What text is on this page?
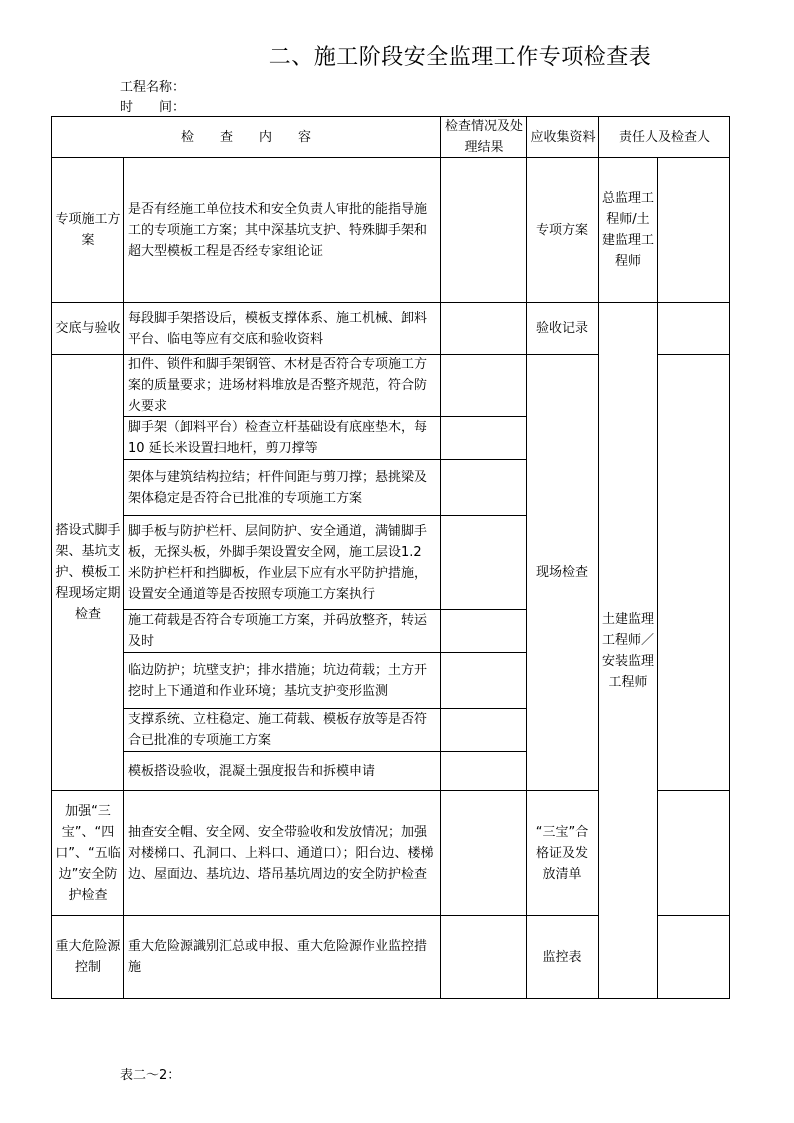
二、施工阶段安全监理工作专项检查表
工程名称：
时　　间：
检　　查　　内　　容
检查情况及处理结果
应收集资料	责任人及检查人
专项施工方案
是否有经施工单位技术和安全负责人审批的能指导施工的专项施工方案；其中深基坑支护、特殊脚手架和超大型模板工程是否经专家组论证
专项方案
总监理工程师/土建监理工程师
交底与验收
每段脚手架搭设后，模板支撑体系、施工机械、卸料平台、临电等应有交底和验收资料
验收记录
搭设式脚手架、基坑支护、模板工程现场定期检查
扣件、锁件和脚手架钢管、木材是否符合专项施工方案的质量要求；进场材料堆放是否整齐规范，符合防火要求
脚手架（卸料平台）检查立杆基础设有底座垫木，每 10 延长米设置扫地杆，剪刀撑等
架体与建筑结构拉结；杆件间距与剪刀撑；悬挑梁及架体稳定是否符合已批准的专项施工方案
脚手板与防护栏杆、层间防护、安全通道，满铺脚手板，无探头板，外脚手架设置安全网，施工层设1.2 米防护栏杆和挡脚板，作业层下应有水平防护措施，设置安全通道等是否按照专项施工方案执行
施工荷载是否符合专项施工方案，并码放整齐，转运及时
临边防护；坑壁支护；排水措施；坑边荷载；土方开挖时上下通道和作业环境；基坑支护变形监测
支撑系统、立柱稳定、施工荷载、模板存放等是否符合已批准的专项施工方案
模板搭设验收，混凝土强度报告和拆模申请
现场检查
土建监理工程师／安装监理工程师
加强“三宝”、“四口”、“五临边”安全防护检查
抽查安全帽、安全网、安全带验收和发放情况；加强对楼梯口、孔洞口、上料口、通道口）；阳台边、楼梯边、屋面边、基坑边、塔吊基坑周边的安全防护检查
“三宝”合格证及发放清单
重大危险源控制
重大危险源識别汇总或申报、重大危险源作业监控措施
监控表
表二～2：
